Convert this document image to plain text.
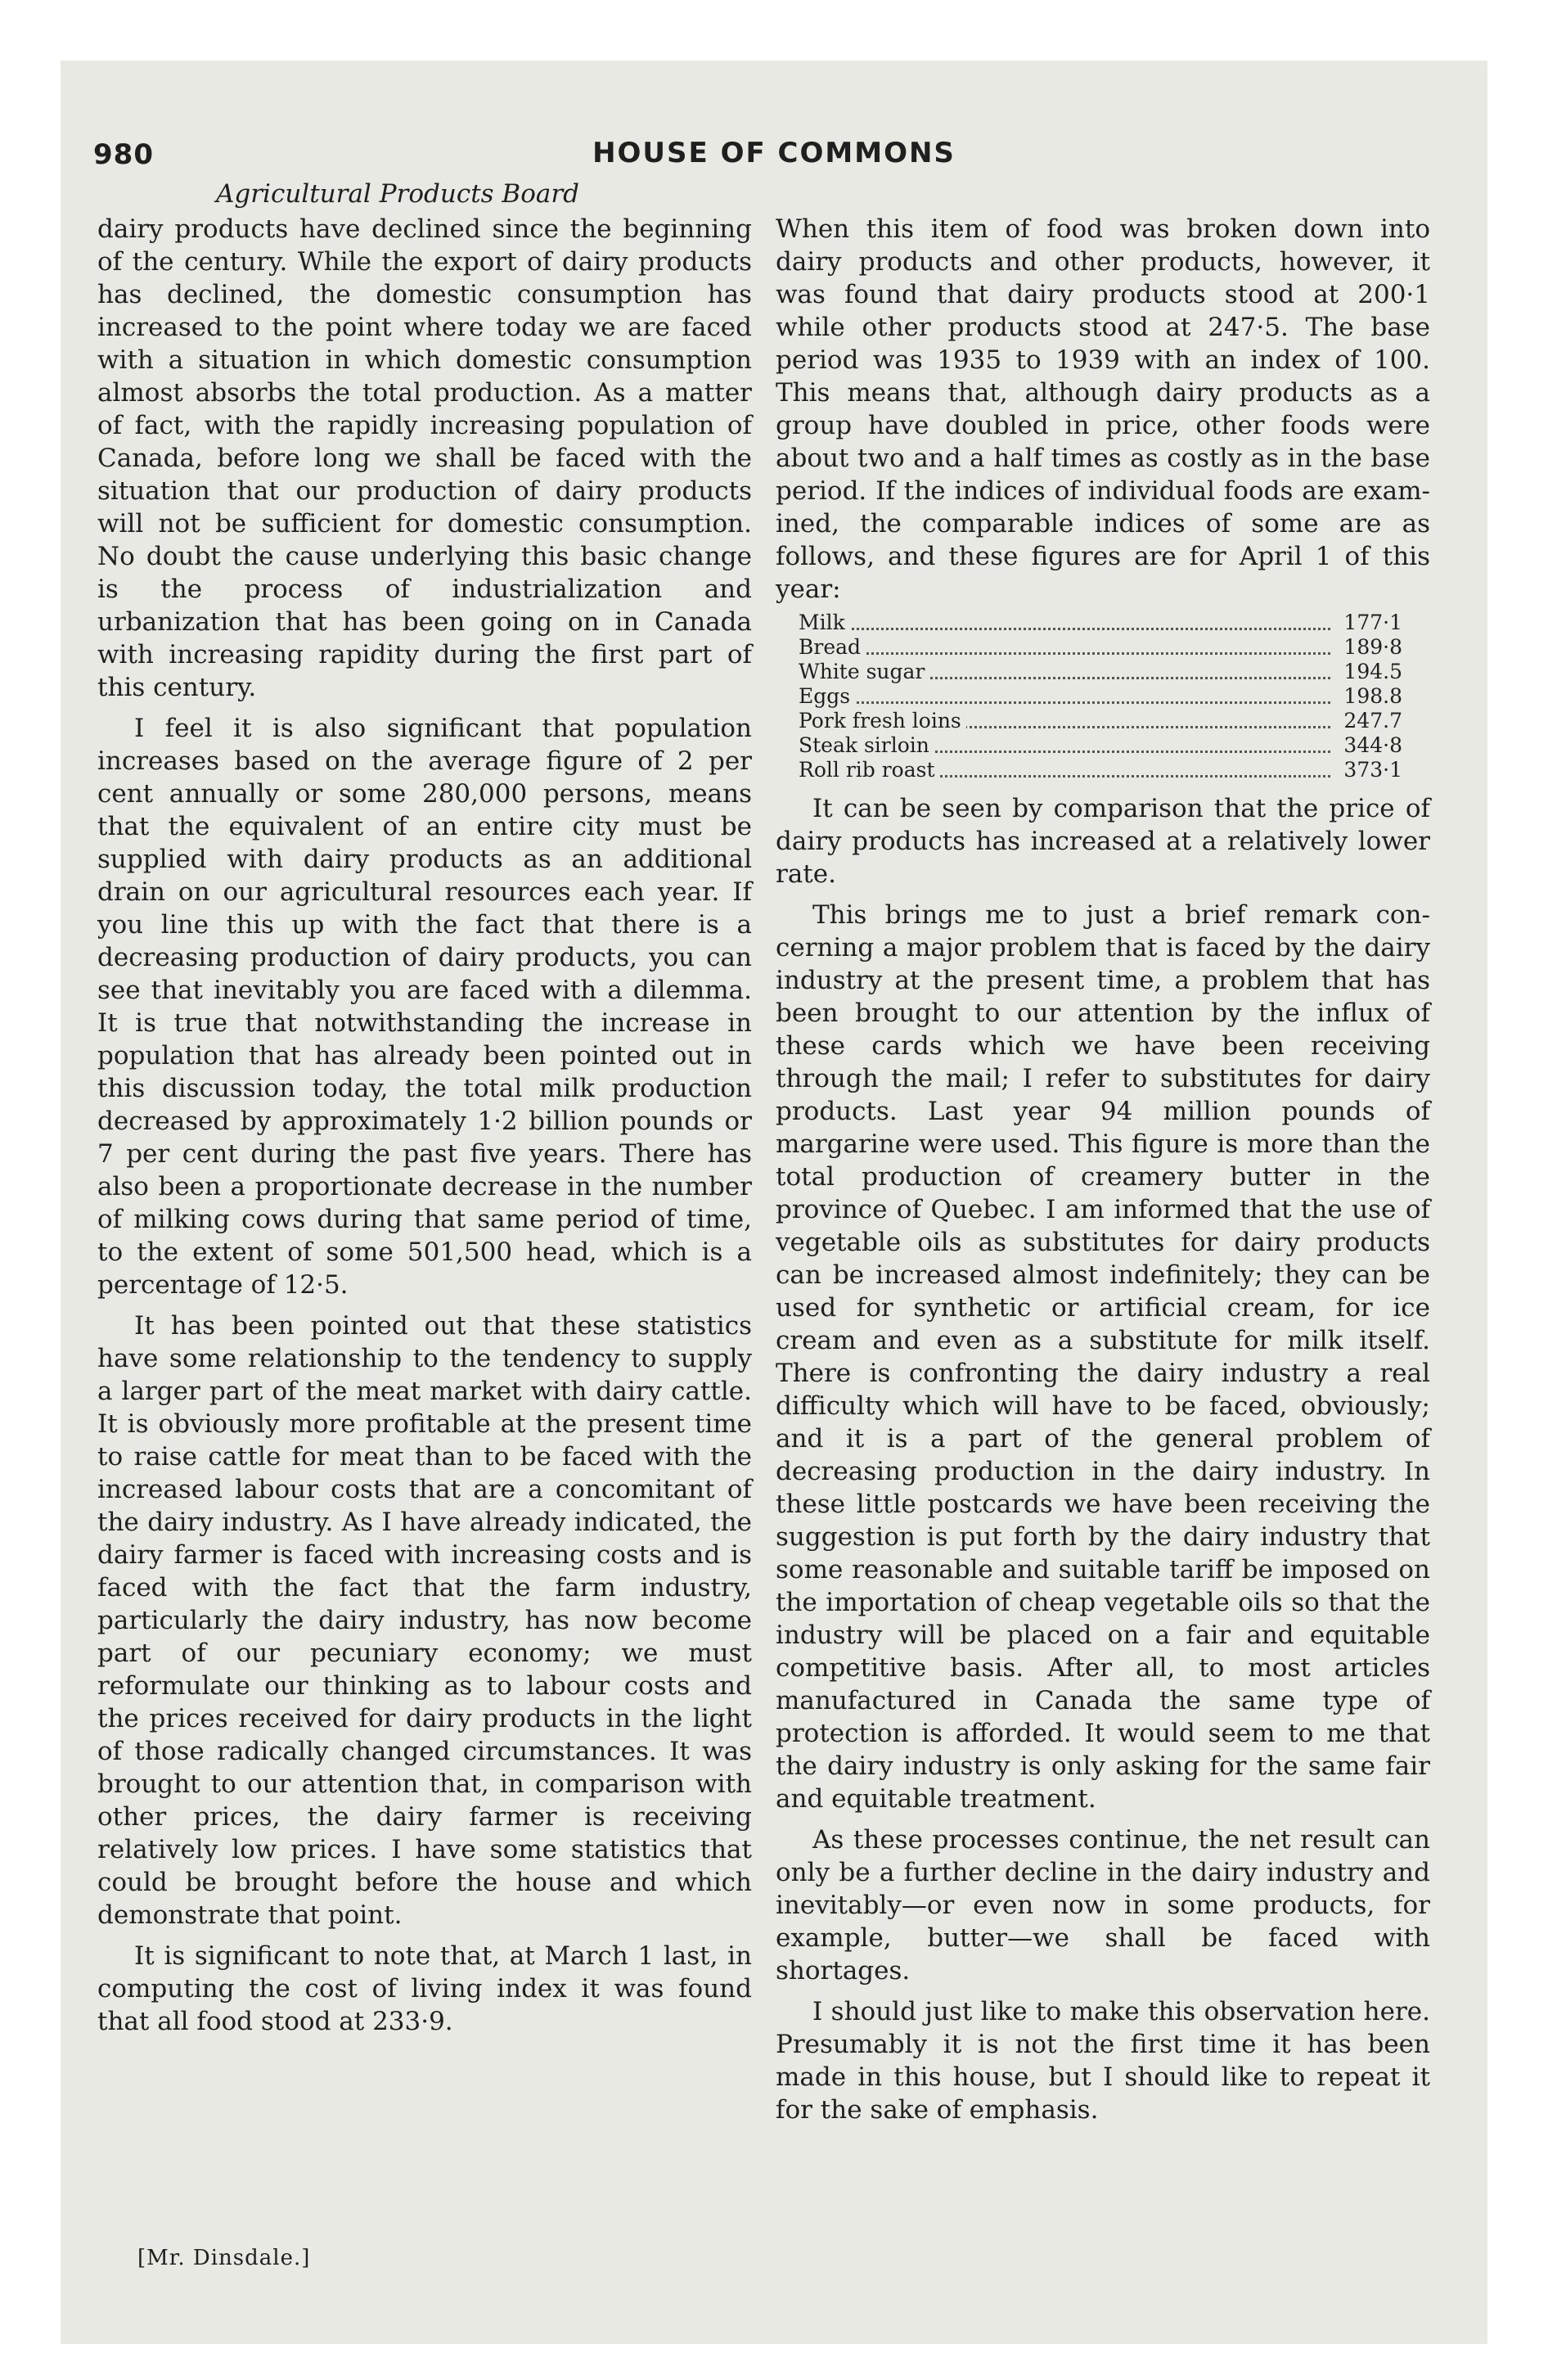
980	HOUSE OF COMMONS
Agricultural Products Board

dairy products have declined since the beginning of the century. While the export of dairy products has declined, the domestic consumption has increased to the point where today we are faced with a situation in which domestic consumption almost absorbs the total production. As a matter of fact, with the rapidly increasing population of Canada, before long we shall be faced with the situation that our production of dairy products will not be sufficient for domestic consumption. No doubt the cause underlying this basic change is the process of industrialization and urbanization that has been going on in Canada with increasing rapidity during the first part of this century.

I feel it is also significant that population increases based on the average figure of 2 per cent annually or some 280,000 persons, means that the equivalent of an entire city must be supplied with dairy products as an additional drain on our agricultural resources each year. If you line this up with the fact that there is a decreasing production of dairy products, you can see that inevitably you are faced with a dilemma. It is true that notwithstanding the increase in population that has already been pointed out in this discussion today, the total milk production decreased by approximately 1·2 billion pounds or 7 per cent during the past five years. There has also been a proportionate decrease in the number of milking cows during that same period of time, to the extent of some 501,500 head, which is a percentage of 12·5.

It has been pointed out that these statistics have some relationship to the tendency to supply a larger part of the meat market with dairy cattle. It is obviously more profitable at the present time to raise cattle for meat than to be faced with the increased labour costs that are a concomitant of the dairy industry. As I have already indicated, the dairy farmer is faced with increasing costs and is faced with the fact that the farm industry, particularly the dairy industry, has now become part of our pecuniary economy; we must reformulate our thinking as to labour costs and the prices received for dairy products in the light of those radically changed circumstances. It was brought to our attention that, in comparison with other prices, the dairy farmer is receiving relatively low prices. I have some statistics that could be brought before the house and which demonstrate that point.

It is significant to note that, at March 1 last, in computing the cost of living index it was found that all food stood at 233·9.

When this item of food was broken down into dairy products and other products, however, it was found that dairy products stood at 200·1 while other products stood at 247·5. The base period was 1935 to 1939 with an index of 100. This means that, although dairy products as a group have doubled in price, other foods were about two and a half times as costly as in the base period. If the indices of individual foods are examined, the comparable indices of some are as follows, and these figures are for April 1 of this year:

Milk	177·1

Bread	189·8

White sugar	194.5

Eggs	198.8

Pork fresh loins	247.7

Steak sirloin	344·8

Roll rib roast	373·1

It can be seen by comparison that the price of dairy products has increased at a relatively lower rate.

This brings me to just a brief remark concerning a major problem that is faced by the dairy industry at the present time, a problem that has been brought to our attention by the influx of these cards which we have been receiving through the mail; I refer to substitutes for dairy products. Last year 94 million pounds of margarine were used. This figure is more than the total production of creamery butter in the province of Quebec. I am informed that the use of vegetable oils as substitutes for dairy products can be increased almost indefinitely; they can be used for synthetic or artificial cream, for ice cream and even as a substitute for milk itself. There is confronting the dairy industry a real difficulty which will have to be faced, obviously; and it is a part of the general problem of decreasing production in the dairy industry. In these little postcards we have been receiving the suggestion is put forth by the dairy industry that some reasonable and suitable tariff be imposed on the importation of cheap vegetable oils so that the industry will be placed on a fair and equitable competitive basis. After all, to most articles manufactured in Canada the same type of protection is afforded. It would seem to me that the dairy industry is only asking for the same fair and equitable treatment.

As these processes continue, the net result can only be a further decline in the dairy industry and inevitably—or even now in some products, for example, butter—we shall be faced with shortages.

I should just like to make this observation here. Presumably it is not the first time it has been made in this house, but I should like to repeat it for the sake of emphasis.

[Mr. Dinsdale.]
